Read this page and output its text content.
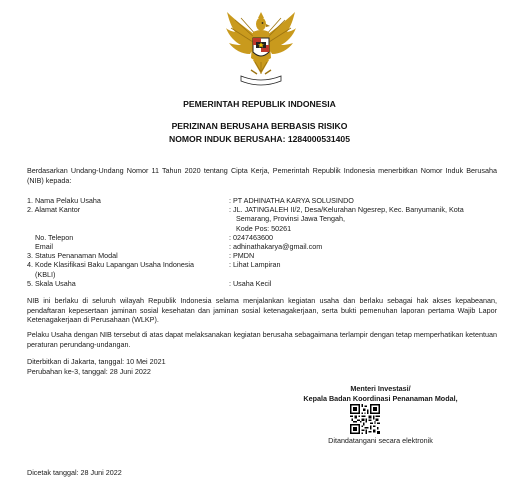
PEMERINTAH REPUBLIK INDONESIA
PERIZINAN BERUSAHA BERBASIS RISIKO
NOMOR INDUK BERUSAHA: 1284000531405
Berdasarkan Undang-Undang Nomor 11 Tahun 2020 tentang Cipta Kerja, Pemerintah Republik Indonesia menerbitkan Nomor Induk Berusaha (NIB) kepada:
1. Nama Pelaku Usaha	: PT ADHINATHA KARYA SOLUSINDO
2. Alamat Kantor	: JL. JATINGALEH II/2, Desa/Kelurahan Ngesrep, Kec. Banyumanik, Kota
Semarang, Provinsi Jawa Tengah,
Kode Pos: 50261
No. Telepon	: 0247463600
Email	: adhinathakarya@gmail.com
3. Status Penanaman Modal	: PMDN
4. Kode Klasifikasi Baku Lapangan Usaha Indonesia
(KBLI)
: Lihat Lampiran
5. Skala Usaha	: Usaha Kecil
NIB ini berlaku di seluruh wilayah Republik Indonesia selama menjalankan kegiatan usaha dan berlaku sebagai hak akses kepabeanan, pendaftaran kepesertaan jaminan sosial kesehatan dan jaminan sosial ketenagakerjaan, serta bukti pemenuhan laporan pertama Wajib Lapor Ketenagakerjaan di Perusahaan (WLKP).
Pelaku Usaha dengan NIB tersebut di atas dapat melaksanakan kegiatan berusaha sebagaimana terlampir dengan tetap memperhatikan ketentuan peraturan perundang-undangan.
Diterbitkan di Jakarta, tanggal: 10 Mei 2021
Perubahan ke-3, tanggal: 28 Juni 2022
Menteri Investasi/
Kepala Badan Koordinasi Penanaman Modal,
Ditandatangani secara elektronik
Dicetak tanggal: 28 Juni 2022
